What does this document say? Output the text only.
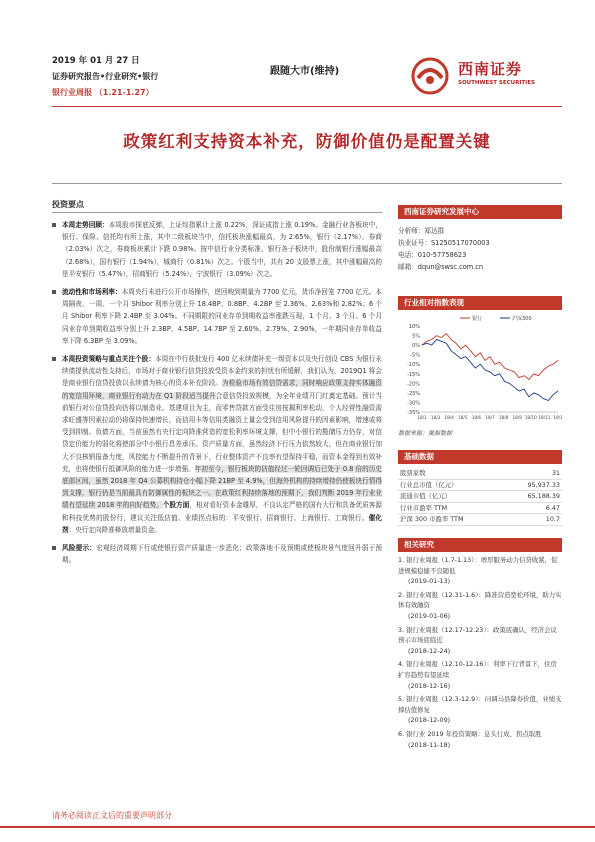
2019 年 01 月 27 日
证券研究报告•行业研究•银行
银行业周报 （1.21-1.27）
跟随大市(维持)	西南证券
SOUTHWEST SECURITIES
政策红利支持资本补充，防御价值仍是配置关键
投资要点

本周走势回顾：本周股市探底反弹，上证综指累计上涨 0.22%，深证成指上涨 0.19%。金融行业各板块中，银行、保险、信托均有所上涨，其中二级板块当中，信托板块涨幅最高，为 2.65%，银行（2.17%）、券商（2.03%）次之，券商板块累计下跌 0.98%。按中信行业分类标准，银行各子板块中，股份制银行涨幅最高（2.68%），国有银行（1.94%），城商行（0.81%）次之。个股当中，共有 20 支股票上涨，其中涨幅最高的是平安银行（5.47%），招商银行（5.24%），宁波银行（3.09%）次之。

流动性和市场利率：本周央行未进行公开市场操作，逆回购到期量为 7700 亿元，货币净回笼 7700 亿元。本周隔夜、一周、一个月 Shibor 利率分别上升 18.4BP、0.8BP、4.2BP 至 2.36%、2.63%和 2.82%；6 个月 Shibor 利率下降 2.4BP 至 3.04%。不同期限的同业存单到期收益率涨跌互现，1 个月、3 个月、6 个月同业存单到期收益率分别上升 2.3BP、4.5BP、14.7BP 至 2.60%、2.79%、2.90%，一年期同业存单收益率下降 6.3BP 至 3.09%。

本周投资策略与重点关注个股：本周在中行获批发行 400 亿永续债补充一级资本以及央行创设 CBS 为银行永续债提供流动性支持后，市场对于商业银行信贷投放受资本金约束的担忧有所缓解，我们认为，2019Q1 将会是商业银行信贷投放以永续债为核心的资本补充阶段。为检验市场有效信贷需求，同时响应政策支持实体融资的宽信用环境，商业银行有动力在 Q1 阶段适当提升合意信贷投放规模，为全年业绩开门红奠定基础。预计当前银行对公信贷投向仍将以制造业、基建项目为主，而零售贷款方面受住房按揭利率松动，个人经营性融资需求旺盛等因素拉动仍将保持快速增长，而信用卡等信用类融资上量会受到信用风险提升的因素影响，增速或将受到抑制。负债方面，当前虽然有央行定向降准营造的宽松利率环境支撑，但中小银行的揽储压力仍存，对信贷定价能力的弱化将使部分中小银行息差承压。资产质量方面，虽然经济下行压力依然较大，但在商业银行加大不良核销报备力度，风控能力不断提升的背景下，行业整体资产不良率有望保持平稳，而资本金得到有效补充，也将使银行抵御风险的能力进一步增强。年初至今，银行板块的估值经过一轮回调后已处于 0.8 倍的历史底部区间，虽然 2018 年 Q4 公募机构持仓小幅下降 21BP 至 4.9%，但海外机构的持续增持仍使板块行情得到支撑，银行仍是当前最具有防御属性的板块之一。在政策红利持续落地的预期下，我们判断 2019 年行业业绩有望延续 2018 年的向好趋势。个股方面，相对看好资本金雄厚，不良认定严格的国有大行和具备优质客源和科技优势的股份行，建议关注低估值、业绩拐点标的：平安银行、招商银行、上海银行、工商银行。催化剂：央行定向降准释放增量资金。

风险提示：宏观经济周期下行或使银行资产质量进一步恶化；政策落地不及预期或使板块景气度回升弱于预期。

西南证券研究发展中心
分析师：郑达群
执业证号：S1250517070003
电话：010-57758623
邮箱：dqun@swsc.com.cn
行业相对指数表现
10%
5%
0%
-5%
-10%
-15%
-20%
-25%
-30%
-35%
18/1 18/3 18/4 18/5 18/6 18/7 18/8 18/9 18/10 18/11 19/1
银行	沪深300
数据来源：聚源数据
基础数据
股票家数	31
行业总市值（亿元）	95,937.33
流通市值（亿元）	65,188.39
行业市盈率 TTM	6.47
沪深 300 市盈率 TTM	10.7
相关研究
1. 银行业周报（1.7-1.13）：增厚服务动力信贷收紧，促进规模稳健不良随低
(2019-01-13)
2. 银行业周报（12.31-1.6）：降准营造宽松环境，助力实体有效融资
(2019-01-06)
3. 银行业周报（12.17-12.23）：政策底确认，经济会议预示市场底临近
(2018-12-24)
4. 银行业周报（12.10-12.16）：利率下行背景下，住房扩容趋势有望延续
(2018-12-16)
5. 银行业周报（12.3-12.9）：问调马县降券价值，业绩支撑估值修复
(2018-12-09)
6. 银行业 2019 年投资策略：息头行成、拐点取胜
(2018-11-18)
请务必阅读正文后的重要声明部分
